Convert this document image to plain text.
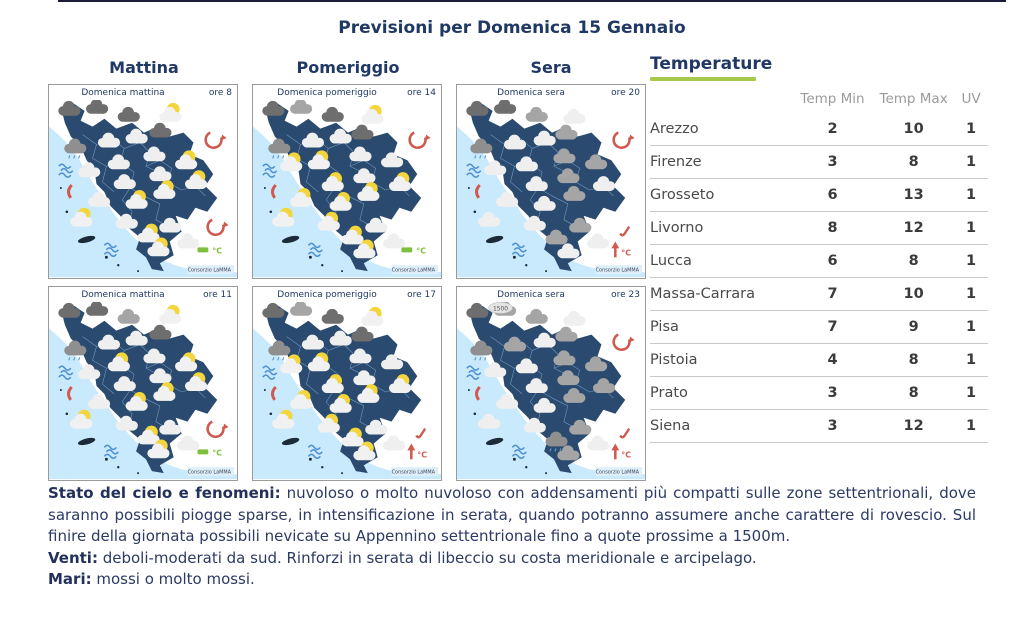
Previsioni per Domenica 15 Gennaio
Mattina	Pomeriggio	Sera
Domenica mattina	ore 8
°C
Consorzio LaMMA
Domenica pomeriggio	ore 14
°C
Consorzio LaMMA
Domenica sera	ore 20
°C
Consorzio LaMMA
Domenica mattina	ore 11
°C
Consorzio LaMMA
Domenica pomeriggio	ore 17
°C
Consorzio LaMMA
Domenica sera	ore 23
°C
1500
Consorzio LaMMA
Temperature
	Temp Min	Temp Max	UV
Arezzo	2	10	1
Firenze	3	8	1
Grosseto	6	13	1
Livorno	8	12	1
Lucca	6	8	1
Massa-Carrara	7	10	1
Pisa	7	9	1
Pistoia	4	8	1
Prato	3	8	1
Siena	3	12	1

Stato del cielo e fenomeni: nuvoloso o molto nuvoloso con addensamenti più compatti sulle zone settentrionali, dove saranno possibili piogge sparse, in intensificazione in serata, quando potranno assumere anche carattere di rovescio. Sul finire della giornata possibili nevicate su Appennino settentrionale fino a quote prossime a 1500m.

Venti: deboli-moderati da sud. Rinforzi in serata di libeccio su costa meridionale e arcipelago.

Mari: mossi o molto mossi.
